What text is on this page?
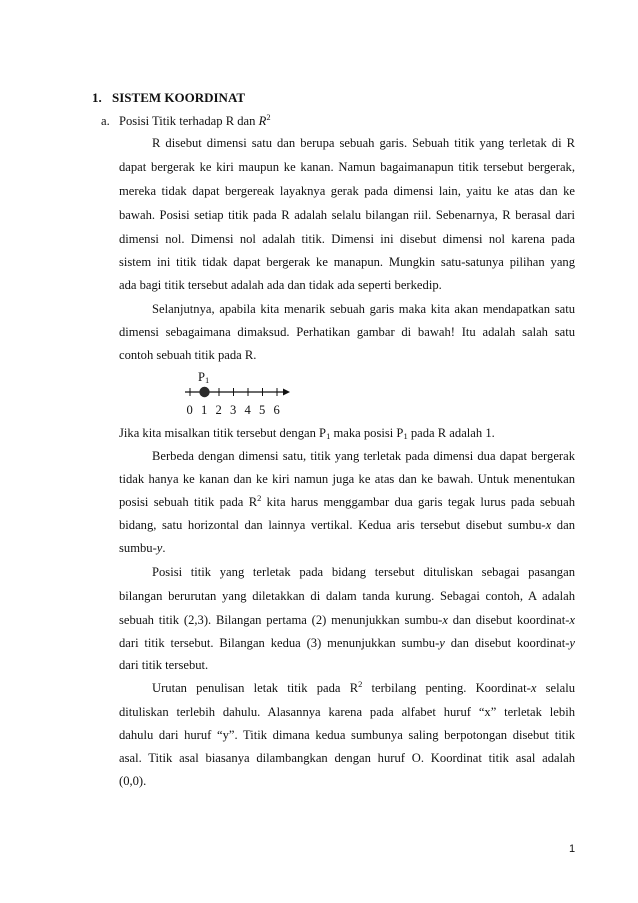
1. SISTEM KOORDINAT
a. Posisi Titik terhadap R dan $R^2$
R disebut dimensi satu dan berupa sebuah garis. Sebuah titik yang terletak di R
dapat bergerak ke kiri maupun ke kanan. Namun bagaimanapun titik tersebut bergerak,
mereka tidak dapat bergereak layaknya gerak pada dimensi lain, yaitu ke atas dan ke
bawah. Posisi setiap titik pada R adalah selalu bilangan riil. Sebenarnya, R berasal dari
dimensi nol. Dimensi nol adalah titik. Dimensi ini disebut dimensi nol karena pada
sistem ini titik tidak dapat bergerak ke manapun. Mungkin satu-satunya pilihan yang
ada bagi titik tersebut adalah ada dan tidak ada seperti berkedip.
Selanjutnya, apabila kita menarik sebuah garis maka kita akan mendapatkan satu
dimensi sebagaimana dimaksud. Perhatikan gambar di bawah! Itu adalah salah satu
contoh sebuah titik pada R.
$P_1$
0 1 2 3 4 5 6
Jika kita misalkan titik tersebut dengan $P_1$ maka posisi $P_1$ pada R adalah 1.
Berbeda dengan dimensi satu, titik yang terletak pada dimensi dua dapat bergerak
tidak hanya ke kanan dan ke kiri namun juga ke atas dan ke bawah. Untuk menentukan
posisi sebuah titik pada $R^2$ kita harus menggambar dua garis tegak lurus pada sebuah
bidang, satu horizontal dan lainnya vertikal. Kedua aris tersebut disebut sumbu-x dan
sumbu-y.
Posisi titik yang terletak pada bidang tersebut dituliskan sebagai pasangan
bilangan berurutan yang diletakkan di dalam tanda kurung. Sebagai contoh, A adalah
sebuah titik (2,3). Bilangan pertama (2) menunjukkan sumbu-x dan disebut koordinat-x
dari titik tersebut. Bilangan kedua (3) menunjukkan sumbu-y dan disebut koordinat-y
dari titik tersebut.
Urutan penulisan letak titik pada $R^2$ terbilang penting. Koordinat-x selalu
dituliskan terlebih dahulu. Alasannya karena pada alfabet huruf “x” terletak lebih
dahulu dari huruf “y”. Titik dimana kedua sumbunya saling berpotongan disebut titik
asal. Titik asal biasanya dilambangkan dengan huruf O. Koordinat titik asal adalah
(0,0).
1
